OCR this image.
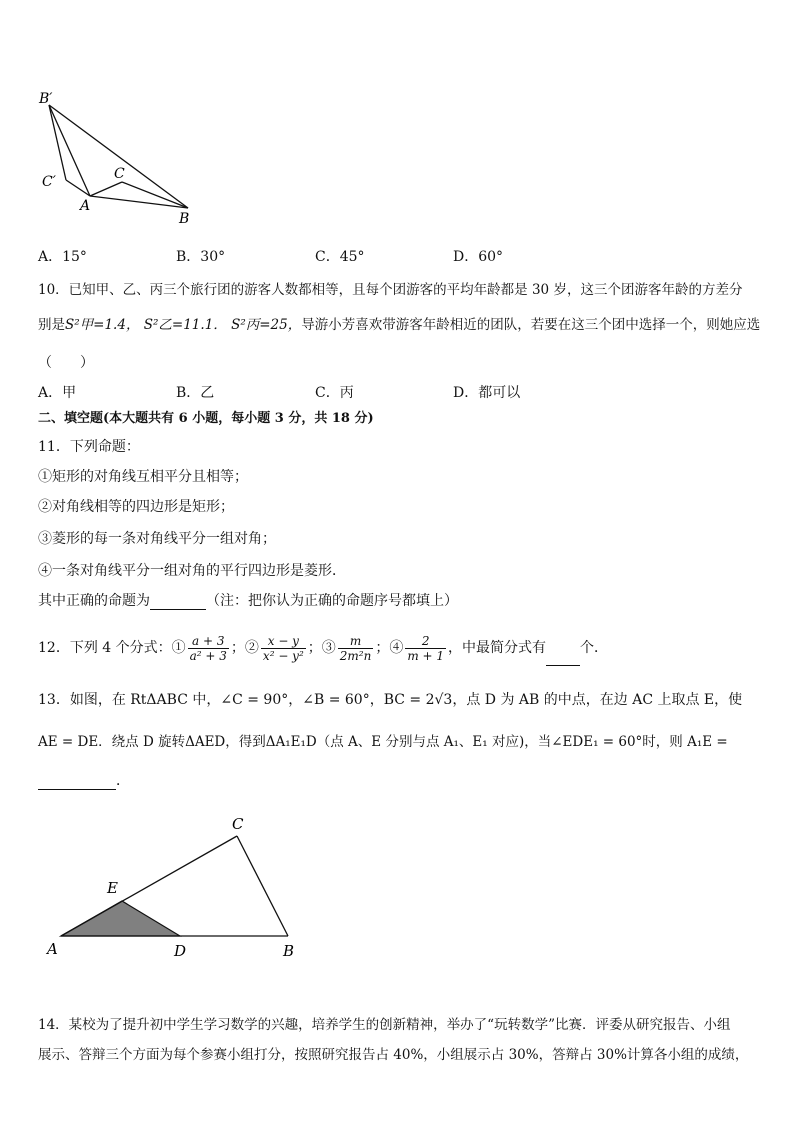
B′
C′
A
B
C
A．15°	B．30°	C．45°	D．60°
10．已知甲、乙、丙三个旅行团的游客人数都相等，且每个团游客的平均年龄都是 30 岁，这三个团游客年龄的方差分
别是S²甲=1.4， S²乙=11.1． S²丙=25，导游小芳喜欢带游客年龄相近的团队，若要在这三个团中选择一个，则她应选
（　　）
A．甲	B．乙	C．丙	D．都可以
二、填空题(本大题共有 6 小题，每小题 3 分，共 18 分)
11．下列命题：
①矩形的对角线互相平分且相等；
②对角线相等的四边形是矩形；
③菱形的每一条对角线平分一组对角；
④一条对角线平分一组对角的平行四边形是菱形．
其中正确的命题为	（注：把你认为正确的命题序号都填上）
12．下列 4 个分式：① $\frac{a + 3}{\text{a² + 3}}$ ；② $\frac{x - y}{\text{x² − y²}}$ ；③ $\frac{m}{\text{2m²n}}$ ；④ $\frac{2}{m + 1}$ ，中最简分式有 个．
13．如图，在 RtΔABC 中，∠C = 90°，∠B = 60°，BC = 2√3，点 D 为 AB 的中点，在边 AC 上取点 E，使
AE = DE．绕点 D 旋转ΔAED，得到ΔA₁E₁D（点 A、E 分别与点 A₁、E₁ 对应)，当∠EDE₁ = 60°时，则 A₁E =
．
C
E
A	D	B
14．某校为了提升初中学生学习数学的兴趣，培养学生的创新精神，举办了“玩转数学”比赛．评委从研究报告、小组
展示、答辩三个方面为每个参赛小组打分，按照研究报告占 40%，小组展示占 30%，答辩占 30%计算各小组的成绩，
